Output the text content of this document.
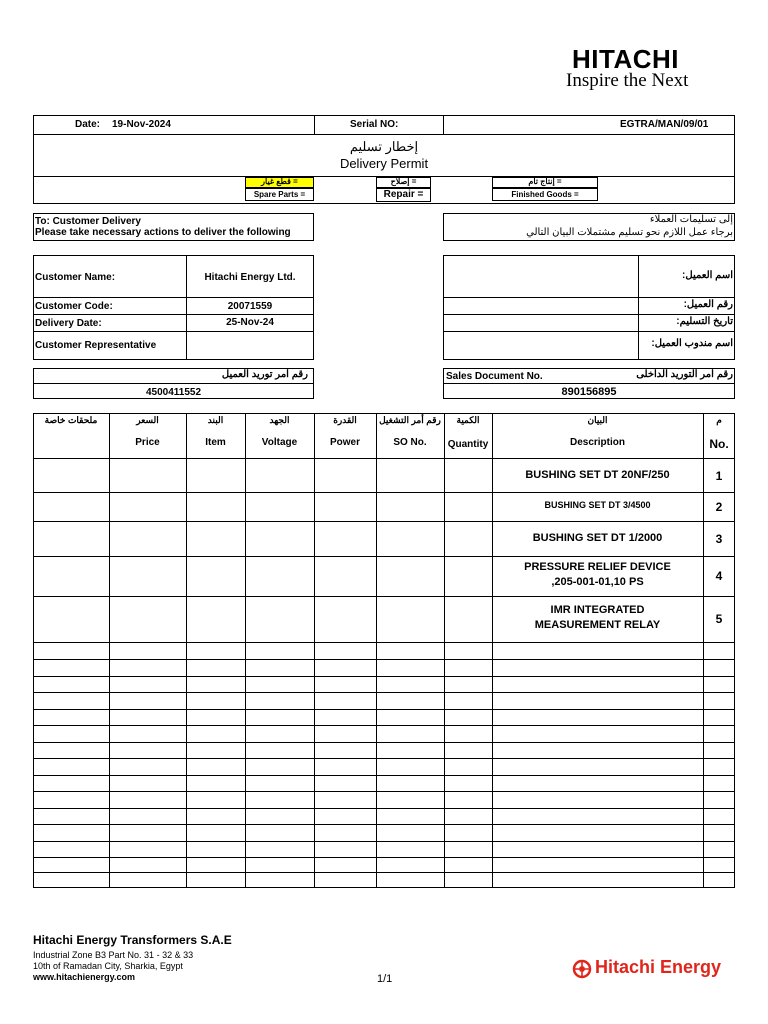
HITACHI
Inspire the Next
Date: 19-Nov-2024	Serial NO:	EGTRA/MAN/09/01
إخطار تسليم
Delivery Permit
قطع غيار =
Spare Parts =
إصلاح =
Repair =
إنتاج تام =
Finished Goods =
To: Customer Delivery
Please take necessary actions to deliver the following
إلى تسليمات العملاء
برجاء عمل اللازم نحو تسليم مشتملات البيان التالي
Customer Name:	Hitachi Energy Ltd.
Customer Code:	20071559
Delivery Date:	25-Nov-24
Customer Representative
اسم العميل:
رقم العميل:
تاريخ التسليم:
اسم مندوب العميل:
رقم امر توريد العميل
4500411552
Sales Document No.	رقم امر التوريد الداخلى
890156895
ملحقات خاصة	السعر	البند	الجهد	القدرة	رقم أمر التشغيل	الكمية	البيان	م
Price	Item	Voltage	Power	SO No.	Quantity	Description	No.
BUSHING SET DT 20NF/250	1
BUSHING SET DT 3/4500	2
BUSHING SET DT 1/2000	3
PRESSURE RELIEF DEVICE
,205-001-01,10 PS	4
IMR INTEGRATED
MEASUREMENT RELAY	5
Hitachi Energy Transformers S.A.E
Industrial Zone B3 Part No. 31 - 32 & 33
10th of Ramadan City, Sharkia, Egypt
www.hitachienergy.com	1/1
Hitachi Energy
